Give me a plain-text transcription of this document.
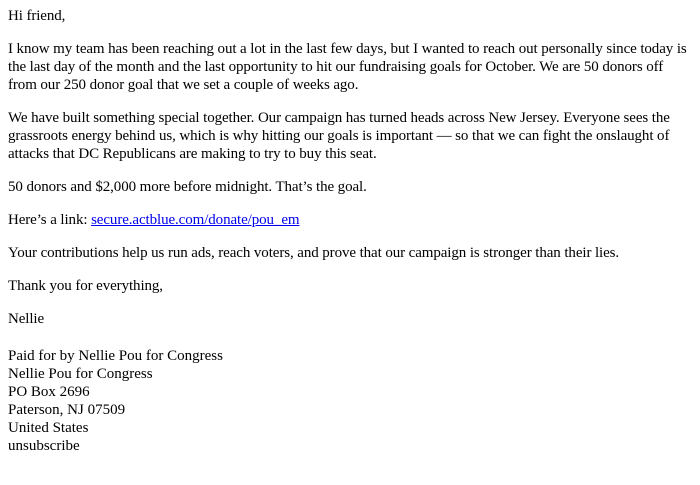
Hi friend,

I know my team has been reaching out a lot in the last few days, but I wanted to reach out personally since today is the last day of the month and the last opportunity to hit our fundraising goals for October. We are 50 donors off from our 250 donor goal that we set a couple of weeks ago.

We have built something special together. Our campaign has turned heads across New Jersey. Everyone sees the grassroots energy behind us, which is why hitting our goals is important — so that we can fight the onslaught of attacks that DC Republicans are making to try to buy this seat.

50 donors and $2,000 more before midnight. That’s the goal.

Here’s a link: secure.actblue.com/donate/pou_em

Your contributions help us run ads, reach voters, and prove that our campaign is stronger than their lies.

Thank you for everything,

Nellie

Paid for by Nellie Pou for Congress
Nellie Pou for Congress
PO Box 2696
Paterson, NJ 07509
United States
unsubscribe
